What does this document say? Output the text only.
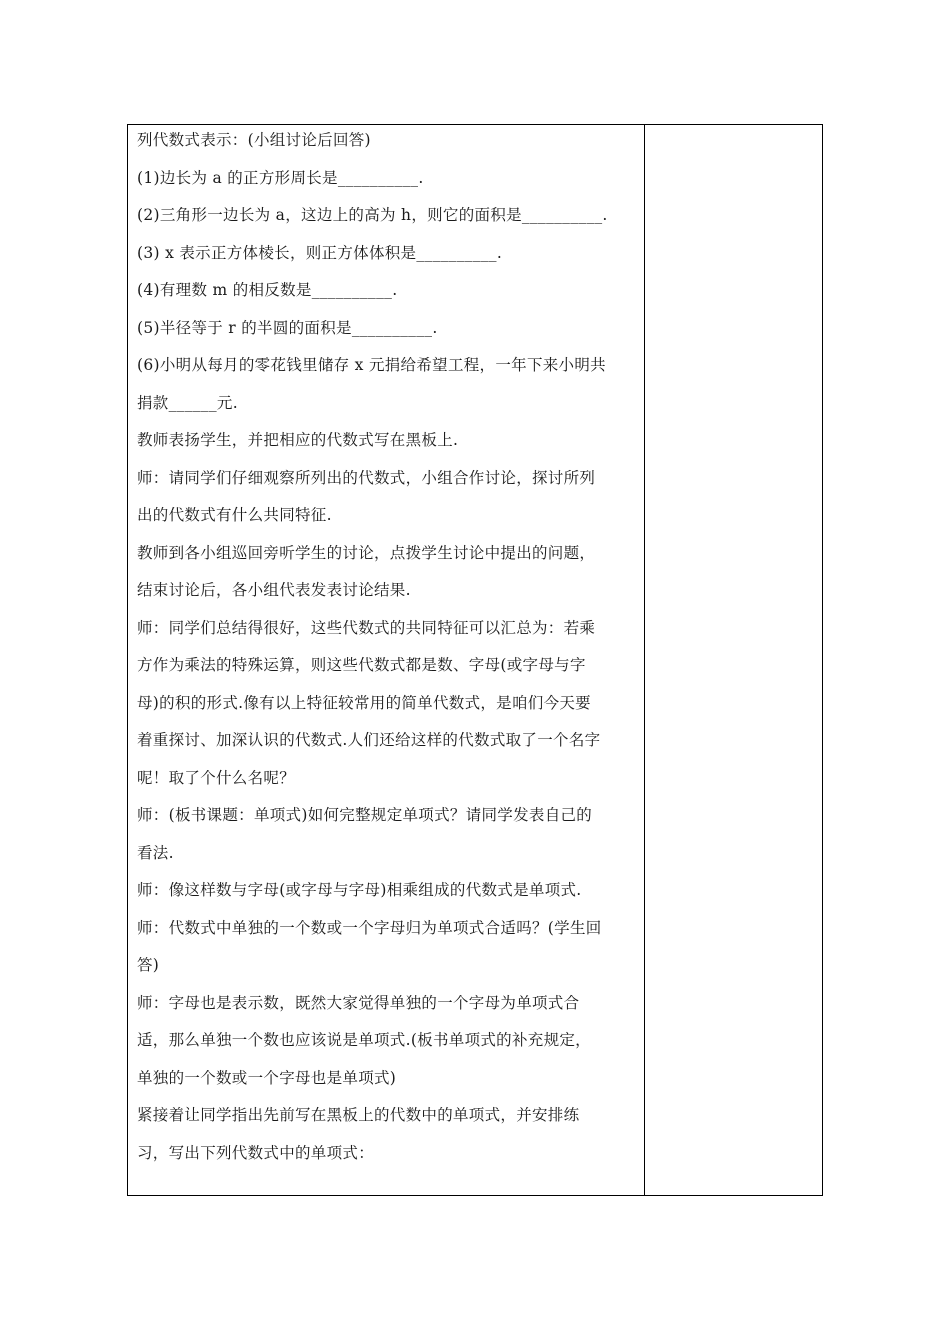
列代数式表示：(小组讨论后回答)
(1)边长为 a 的正方形周长是__________.
(2)三角形一边长为 a，这边上的高为 h，则它的面积是__________.
(3) x 表示正方体棱长，则正方体体积是__________.
(4)有理数 m 的相反数是__________.
(5)半径等于 r 的半圆的面积是__________.
(6)小明从每月的零花钱里储存 x 元捐给希望工程，一年下来小明共
捐款______元.
教师表扬学生，并把相应的代数式写在黑板上.
师：请同学们仔细观察所列出的代数式，小组合作讨论，探讨所列
出的代数式有什么共同特征.
教师到各小组巡回旁听学生的讨论，点拨学生讨论中提出的问题，
结束讨论后，各小组代表发表讨论结果.
师：同学们总结得很好，这些代数式的共同特征可以汇总为：若乘
方作为乘法的特殊运算，则这些代数式都是数、字母(或字母与字
母)的积的形式.像有以上特征较常用的简单代数式，是咱们今天要
着重探讨、加深认识的代数式.人们还给这样的代数式取了一个名字
呢！取了个什么名呢？
师：(板书课题：单项式)如何完整规定单项式？请同学发表自己的
看法.
师：像这样数与字母(或字母与字母)相乘组成的代数式是单项式.
师：代数式中单独的一个数或一个字母归为单项式合适吗？(学生回
答)
师：字母也是表示数，既然大家觉得单独的一个字母为单项式合
适，那么单独一个数也应该说是单项式.(板书单项式的补充规定，
单独的一个数或一个字母也是单项式)
紧接着让同学指出先前写在黑板上的代数中的单项式，并安排练
习，写出下列代数式中的单项式：
